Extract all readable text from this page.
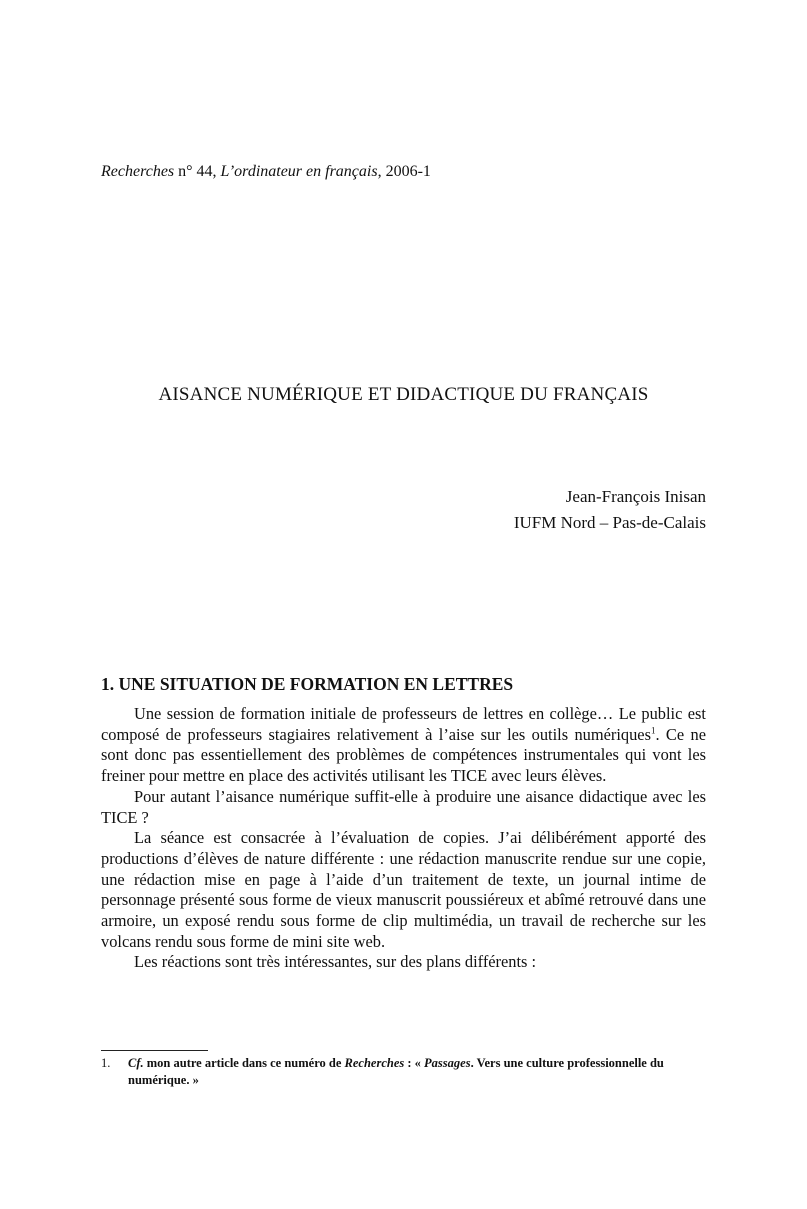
Recherches n° 44, L’ordinateur en français, 2006-1
AISANCE NUMÉRIQUE ET DIDACTIQUE DU FRANÇAIS
Jean-François Inisan
IUFM Nord – Pas-de-Calais
1. UNE SITUATION DE FORMATION EN LETTRES

Une session de formation initiale de professeurs de lettres en collège… Le public est composé de professeurs stagiaires relativement à l’aise sur les outils numériques$^1$. Ce ne sont donc pas essentiellement des problèmes de compétences instrumentales qui vont les freiner pour mettre en place des activités utilisant les TICE avec leurs élèves.

Pour autant l’aisance numérique suffit-elle à produire une aisance didactique avec les TICE ?

La séance est consacrée à l’évaluation de copies. J’ai délibérément apporté des productions d’élèves de nature différente : une rédaction manuscrite rendue sur une copie, une rédaction mise en page à l’aide d’un traitement de texte, un journal intime de personnage présenté sous forme de vieux manuscrit poussiéreux et abîmé retrouvé dans une armoire, un exposé rendu sous forme de clip multimédia, un travail de recherche sur les volcans rendu sous forme de mini site web.

Les réactions sont très intéressantes, sur des plans différents :

1. Cf. mon autre article dans ce numéro de Recherches : « Passages. Vers une culture professionnelle du numérique. »
